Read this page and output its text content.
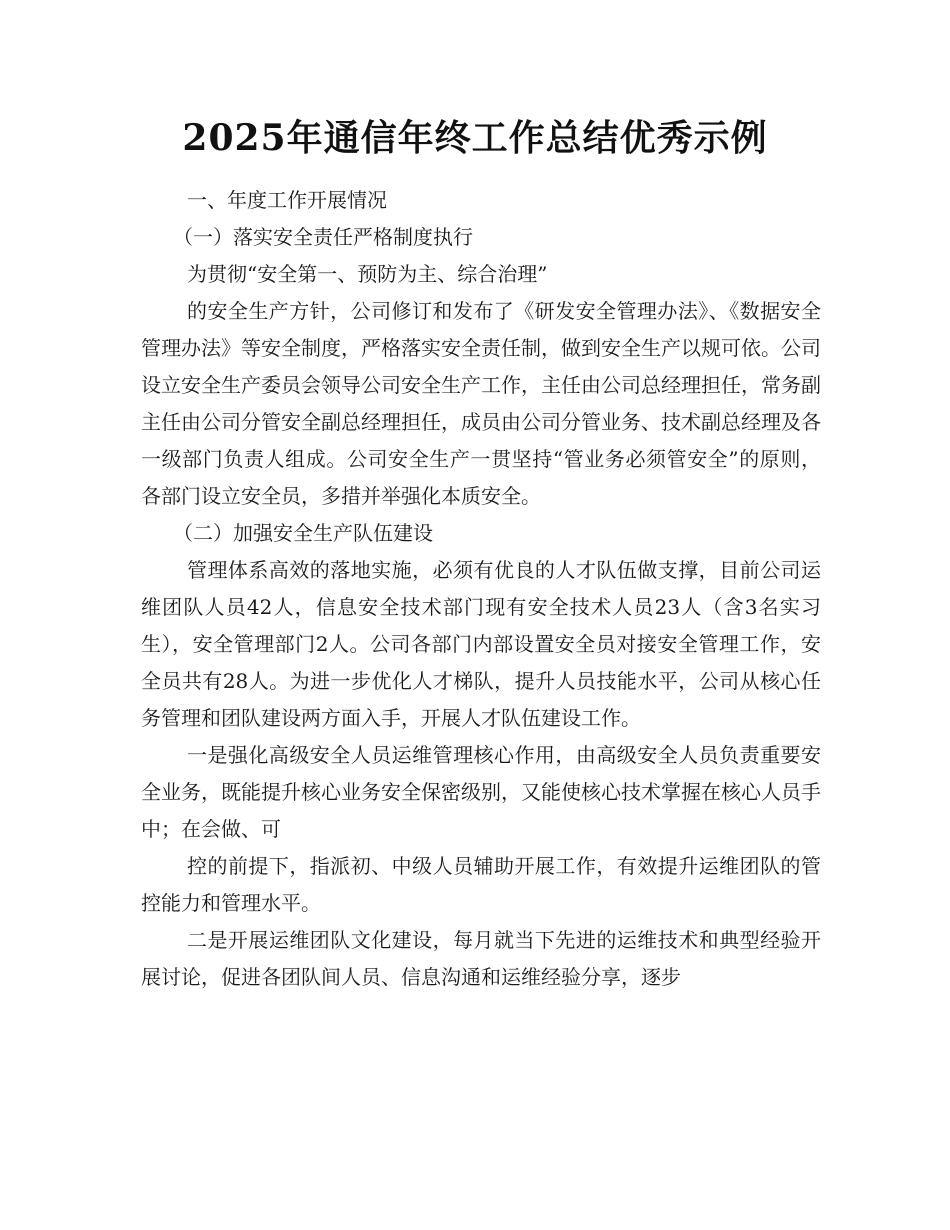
2025年通信年终工作总结优秀示例

一、年度工作开展情况

（一）落实安全责任严格制度执行

为贯彻“安全第一、预防为主、综合治理”

的安全生产方针，公司修订和发布了《研发安全管理办法》、《数据安全管理办法》等安全制度，严格落实安全责任制，做到安全生产以规可依。公司设立安全生产委员会领导公司安全生产工作，主任由公司总经理担任，常务副主任由公司分管安全副总经理担任，成员由公司分管业务、技术副总经理及各一级部门负责人组成。公司安全生产一贯坚持“管业务必须管安全”的原则，各部门设立安全员，多措并举强化本质安全。

（二）加强安全生产队伍建设

管理体系高效的落地实施，必须有优良的人才队伍做支撑，目前公司运维团队人员42人，信息安全技术部门现有安全技术人员23人（含3名实习生），安全管理部门2人。公司各部门内部设置安全员对接安全管理工作，安全员共有28人。为进一步优化人才梯队，提升人员技能水平，公司从核心任务管理和团队建设两方面入手，开展人才队伍建设工作。

一是强化高级安全人员运维管理核心作用，由高级安全人员负责重要安全业务，既能提升核心业务安全保密级别，又能使核心技术掌握在核心人员手中；在会做、可

控的前提下，指派初、中级人员辅助开展工作，有效提升运维团队的管控能力和管理水平。

二是开展运维团队文化建设，每月就当下先进的运维技术和典型经验开展讨论，促进各团队间人员、信息沟通和运维经验分享，逐步
